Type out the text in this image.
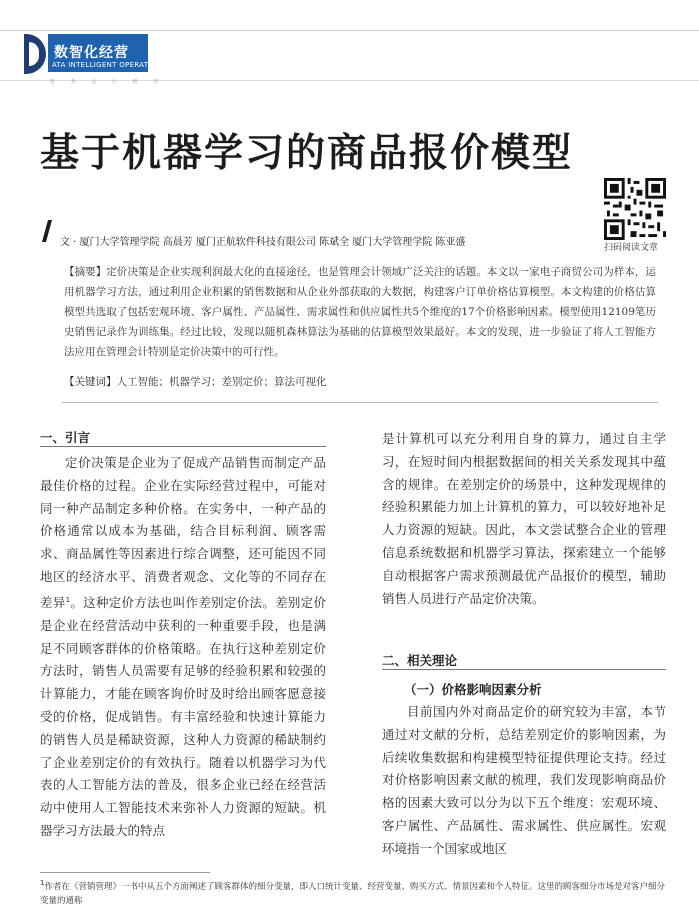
数智化经营
ATA INTELLIGENT OPERATION
财 务 会 计 研 究
基于机器学习的商品报价模型
扫码阅读文章
文 · 厦门大学管理学院 高晨芳 厦门正航软件科技有限公司 陈斌全 厦门大学管理学院 陈亚盛

【摘要】定价决策是企业实现利润最大化的直接途径，也是管理会计领域广泛关注的话题。本文以一家电子商贸公司为样本，运用机器学习方法，通过利用企业积累的销售数据和从企业外部获取的大数据，构建客户订单价格估算模型。本文构建的价格估算模型共选取了包括宏观环境、客户属性、产品属性、需求属性和供应属性共5个维度的17个价格影响因素。模型使用12109笔历史销售记录作为训练集。经过比较，发现以随机森林算法为基础的估算模型效果最好。本文的发现，进一步验证了将人工智能方法应用在管理会计特别是定价决策中的可行性。

【关键词】人工智能；机器学习；差别定价；算法可视化
一、引言

定价决策是企业为了促成产品销售而制定产品最佳价格的过程。企业在实际经营过程中，可能对同一种产品制定多种价格。在实务中，一种产品的价格通常以成本为基础，结合目标利润、顾客需求、商品属性等因素进行综合调整，还可能因不同地区的经济水平、消费者观念、文化等的不同存在差异$^1$。这种定价方法也叫作差别定价法。差别定价是企业在经营活动中获利的一种重要手段，也是满足不同顾客群体的价格策略。在执行这种差别定价方法时，销售人员需要有足够的经验积累和较强的计算能力，才能在顾客询价时及时给出顾客愿意接受的价格，促成销售。有丰富经验和快速计算能力的销售人员是稀缺资源，这种人力资源的稀缺制约了企业差别定价的有效执行。随着以机器学习为代表的人工智能方法的普及，很多企业已经在经营活动中使用人工智能技术来弥补人力资源的短缺。机器学习方法最大的特点

是计算机可以充分利用自身的算力，通过自主学习，在短时间内根据数据间的相关关系发现其中蕴含的规律。在差别定价的场景中，这种发现规律的经验积累能力加上计算机的算力，可以较好地补足人力资源的短缺。因此，本文尝试整合企业的管理信息系统数据和机器学习算法，探索建立一个能够自动根据客户需求预测最优产品报价的模型，辅助销售人员进行产品定价决策。

二、相关理论
（一）价格影响因素分析

目前国内外对商品定价的研究较为丰富，本节通过对文献的分析，总结差别定价的影响因素，为后续收集数据和构建模型特征提供理论支持。经过对价格影响因素文献的梳理，我们发现影响商品价格的因素大致可以分为以下五个维度：宏观环境、客户属性、产品属性、需求属性、供应属性。宏观环境指一个国家或地区

$^1$作者在《营销管理》一书中从五个方面阐述了顾客群体的细分变量，即人口统计变量、经营变量、购买方式、情景因素和个人特征。这里的顾客细分市场是对客户细分变量的通称
